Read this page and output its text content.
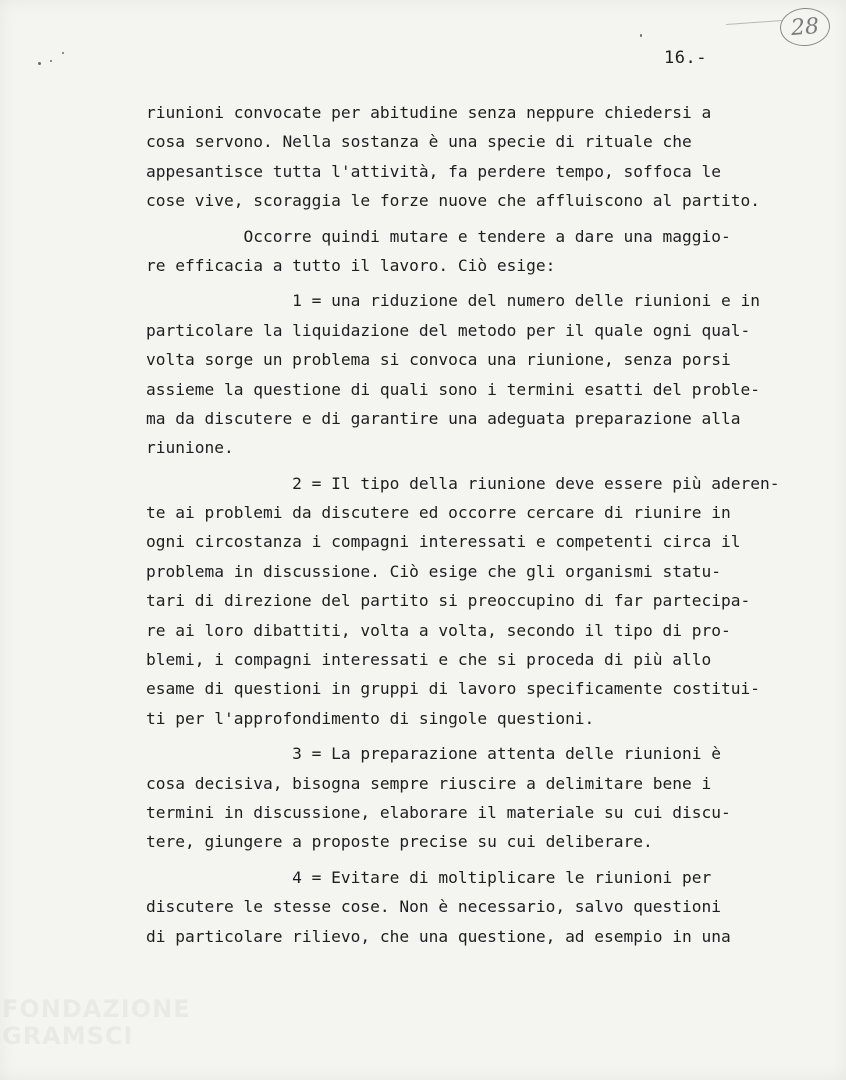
28
16.-
riunioni convocate per abitudine senza neppure chiedersi a
cosa servono. Nella sostanza è una specie di rituale che
appesantisce tutta l'attività, fa perdere tempo, soffoca le
cose vive, scoraggia le forze nuove che affluiscono al partito.
Occorre quindi mutare e tendere a dare una maggio-
re efficacia a tutto il lavoro. Ciò esige:
1 = una riduzione del numero delle riunioni e in
particolare la liquidazione del metodo per il quale ogni qual-
volta sorge un problema si convoca una riunione, senza porsi
assieme la questione di quali sono i termini esatti del proble-
ma da discutere e di garantire una adeguata preparazione alla
riunione.
2 = Il tipo della riunione deve essere più aderen-
te ai problemi da discutere ed occorre cercare di riunire in
ogni circostanza i compagni interessati e competenti circa il
problema in discussione. Ciò esige che gli organismi statu-
tari di direzione del partito si preoccupino di far partecipa-
re ai loro dibattiti, volta a volta, secondo il tipo di pro-
blemi, i compagni interessati e che si proceda di più allo
esame di questioni in gruppi di lavoro specificamente costitui-
ti per l'approfondimento di singole questioni.
3 = La preparazione attenta delle riunioni è
cosa decisiva, bisogna sempre riuscire a delimitare bene i
termini in discussione, elaborare il materiale su cui discu-
tere, giungere a proposte precise su cui deliberare.
4 = Evitare di moltiplicare le riunioni per
discutere le stesse cose. Non è necessario, salvo questioni
di particolare rilievo, che una questione, ad esempio in una
